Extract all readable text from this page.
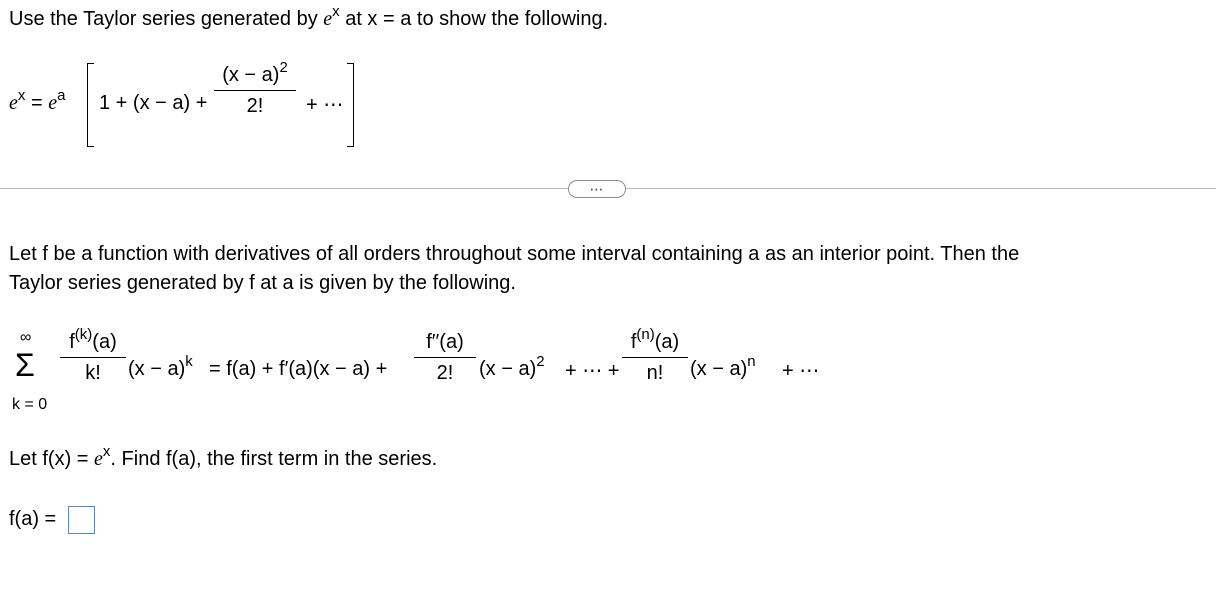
Use the Taylor series generated by $e^x$ at x = a to show the following.
$e^x = e^a$ 1 + (x − a) +
$(x - a)^2$
2!	+ ⋯
⋯
Let f be a function with derivatives of all orders throughout some interval containing a as an interior point. Then the
Taylor series generated by f at a is given by the following.
∞
Σ
k = 0
$f^{(k)}(a)$
k!	$(x - a)^k = f(a) + f'(a)(x - a)$ +
f′′(a)
2!	$(x - a)^2$ + ⋯ +
$f^{(n)}(a)$
n!	$(x - a)^n$ + ⋯
Let $f(x) = e^x$. Find f(a), the first term in the series.
f(a) =
